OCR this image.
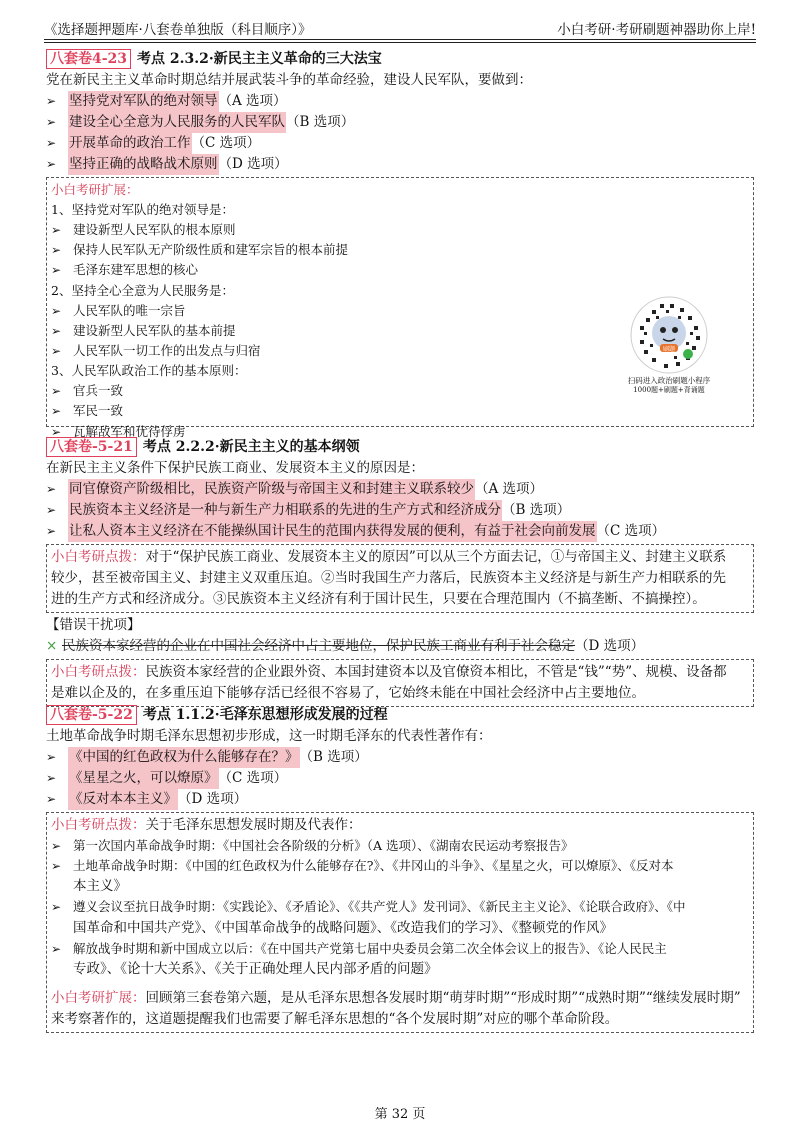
《选择题押题库·八套卷单独版（科目顺序）》	小白考研·考研刷题神器助你上岸!
八套卷4-23 考点 2.3.2·新民主主义革命的三大法宝
党在新民主主义革命时期总结并展武装斗争的革命经验，建设人民军队，要做到：
➢ 坚持党对军队的绝对领导 （A 选项）
➢ 建设全心全意为人民服务的人民军队 （B 选项）
➢ 开展革命的政治工作 （C 选项）
➢ 坚持正确的战略战术原则 （D 选项）
小白考研扩展：
1、坚持党对军队的绝对领导是：
➢ 建设新型人民军队的根本原则
➢ 保持人民军队无产阶级性质和建军宗旨的根本前提
➢ 毛泽东建军思想的核心
2、坚持全心全意为人民服务是：
➢ 人民军队的唯一宗旨
➢ 建设新型人民军队的基本前提
➢ 人民军队一切工作的出发点与归宿
3、人民军队政治工作的基本原则：
➢ 官兵一致
➢ 军民一致
➢ 瓦解敌军和优待俘虏
刷题
扫码进入政治刷题小程序
1000题+刷题+背诵题
八套卷-5-21 考点 2.2.2·新民主主义的基本纲领
在新民主主义条件下保护民族工商业、发展资本主义的原因是：
➢ 同官僚资产阶级相比，民族资产阶级与帝国主义和封建主义联系较少 （A 选项）
➢ 民族资本主义经济是一种与新生产力相联系的先进的生产方式和经济成分 （B 选项）
➢ 让私人资本主义经济在不能操纵国计民生的范围内获得发展的便利，有益于社会向前发展 （C 选项）
小白考研点拨：对于“保护民族工商业、发展资本主义的原因”可以从三个方面去记，①与帝国主义、封建主义联系
较少，甚至被帝国主义、封建主义双重压迫。②当时我国生产力落后，民族资本主义经济是与新生产力相联系的先
进的生产方式和经济成分。③民族资本主义经济有利于国计民生，只要在合理范围内（不搞垄断、不搞操控）。
【错误干扰项】
× 民族资本家经营的企业在中国社会经济中占主要地位，保护民族工商业有利于社会稳定（D 选项）
小白考研点拨：民族资本家经营的企业跟外资、本国封建资本以及官僚资本相比，不管是“钱”“势”、规模、设备都
是难以企及的，在多重压迫下能够存活已经很不容易了，它始终未能在中国社会经济中占主要地位。
八套卷-5-22 考点 1.1.2·毛泽东思想形成发展的过程
土地革命战争时期毛泽东思想初步形成，这一时期毛泽东的代表性著作有：
➢ 《中国的红色政权为什么能够存在？》 （B 选项）
➢ 《星星之火，可以燎原》 （C 选项）
➢ 《反对本本主义》 （D 选项）
小白考研点拨：关于毛泽东思想发展时期及代表作：
➢ 第一次国内革命战争时期：《中国社会各阶级的分析》（A 选项）、《湖南农民运动考察报告》
➢ 土地革命战争时期：《中国的红色政权为什么能够存在?》、《井冈山的斗争》、《星星之火，可以燎原》、《反对本
本主义》
➢ 遵义会议至抗日战争时期：《实践论》、《矛盾论》、《《共产党人》发刊词》、《新民主主义论》、《论联合政府》、《中
国革命和中国共产党》、《中国革命战争的战略问题》、《改造我们的学习》、《整顿党的作风》
➢ 解放战争时期和新中国成立以后：《在中国共产党第七届中央委员会第二次全体会议上的报告》、《论人民民主
专政》、《论十大关系》、《关于正确处理人民内部矛盾的问题》
小白考研扩展：回顾第三套卷第六题，是从毛泽东思想各发展时期“萌芽时期”“形成时期”“成熟时期”“继续发展时期”
来考察著作的，这道题提醒我们也需要了解毛泽东思想的“各个发展时期”对应的哪个革命阶段。
第 32 页
